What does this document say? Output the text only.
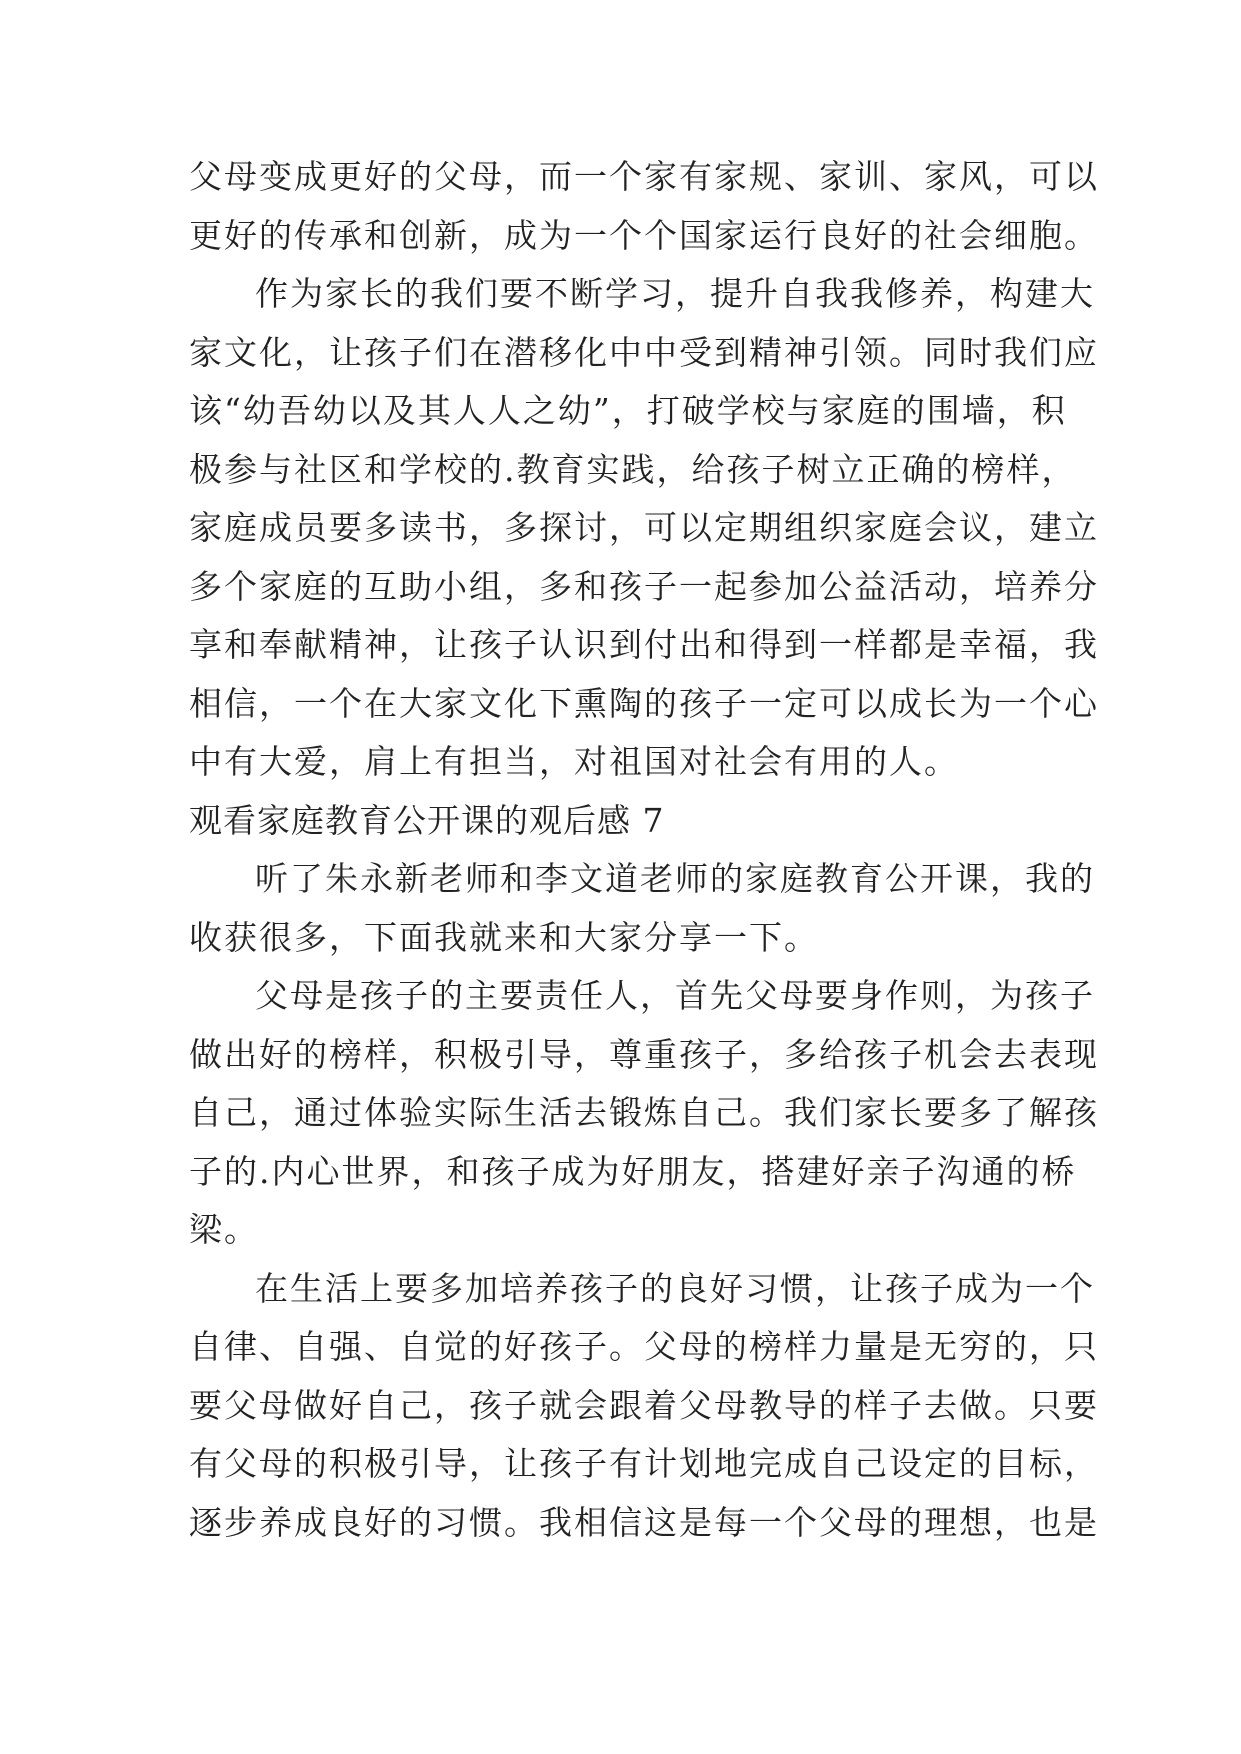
父母变成更好的父母，而一个家有家规、家训、家风，可以
更好的传承和创新，成为一个个国家运行良好的社会细胞。
作为家长的我们要不断学习，提升自我我修养，构建大
家文化，让孩子们在潜移化中中受到精神引领。同时我们应
该“幼吾幼以及其人人之幼”，打破学校与家庭的围墙，积
极参与社区和学校的.教育实践，给孩子树立正确的榜样，
家庭成员要多读书，多探讨，可以定期组织家庭会议，建立
多个家庭的互助小组，多和孩子一起参加公益活动，培养分
享和奉献精神，让孩子认识到付出和得到一样都是幸福，我
相信，一个在大家文化下熏陶的孩子一定可以成长为一个心
中有大爱，肩上有担当，对祖国对社会有用的人。
观看家庭教育公开课的观后感 7
听了朱永新老师和李文道老师的家庭教育公开课，我的
收获很多，下面我就来和大家分享一下。
父母是孩子的主要责任人，首先父母要身作则，为孩子
做出好的榜样，积极引导，尊重孩子，多给孩子机会去表现
自己，通过体验实际生活去锻炼自己。我们家长要多了解孩
子的.内心世界，和孩子成为好朋友，搭建好亲子沟通的桥
梁。
在生活上要多加培养孩子的良好习惯，让孩子成为一个
自律、自强、自觉的好孩子。父母的榜样力量是无穷的，只
要父母做好自己，孩子就会跟着父母教导的样子去做。只要
有父母的积极引导，让孩子有计划地完成自己设定的目标，
逐步养成良好的习惯。我相信这是每一个父母的理想，也是
